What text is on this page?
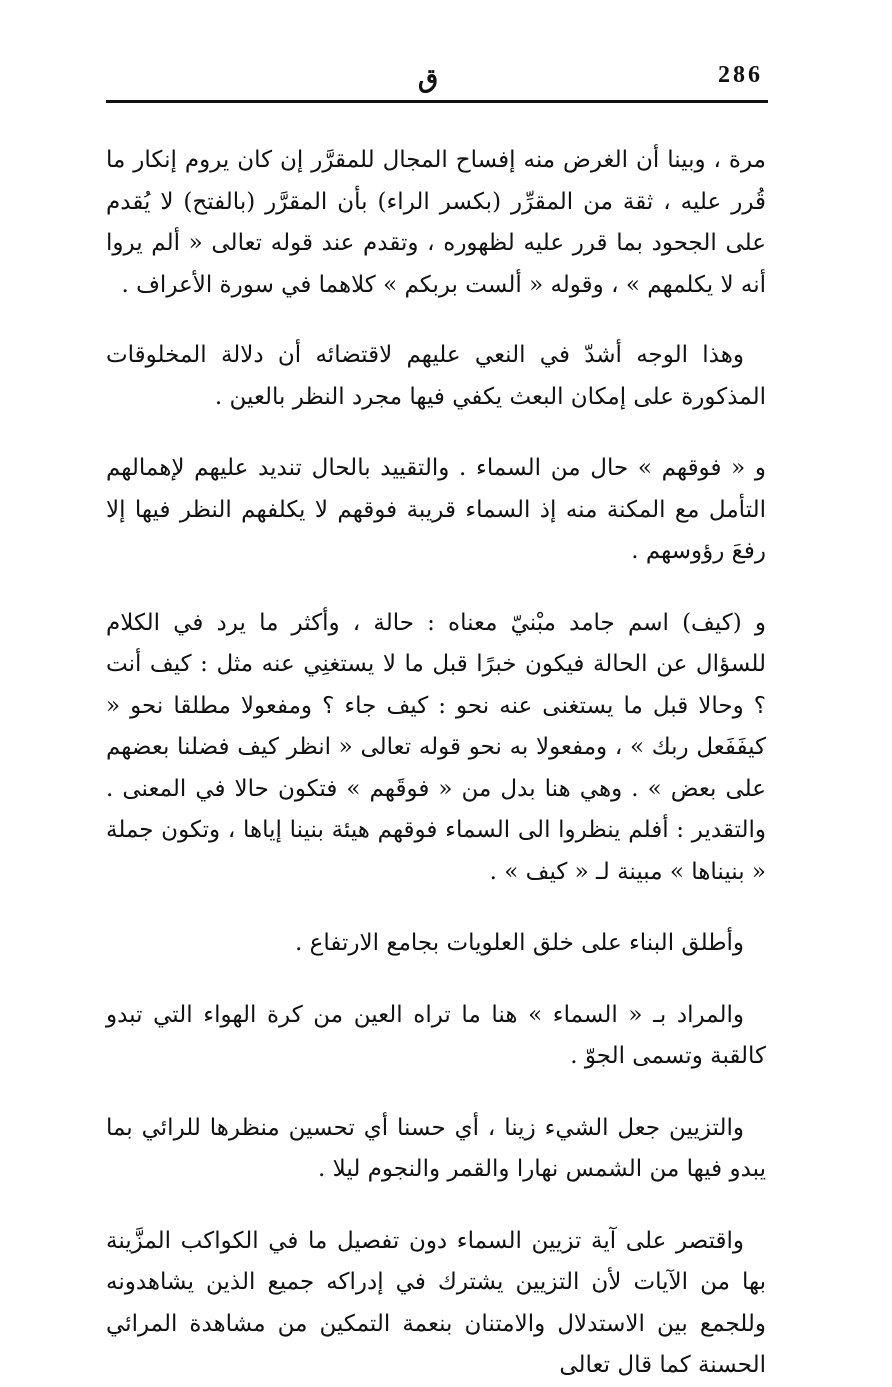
286
ق

مرة ، وبينا أن الغرض منه إفساح المجال للمقرَّر إن كان يروم إنكار ما قُرر عليه ، ثقة من المقرِّر (بكسر الراء) بأن المقرَّر (بالفتح) لا يُقدم على الجحود بما قرر عليه لظهوره ، وتقدم عند قوله تعالى « ألم يروا أنه لا يكلمهم » ، وقوله « ألست بربكم » كلاهما في سورة الأعراف .

وهذا الوجه أشدّ في النعي عليهم لاقتضائه أن دلالة المخلوقات المذكورة على إمكان البعث يكفي فيها مجرد النظر بالعين .

و « فوقهم » حال من السماء . والتقييد بالحال تنديد عليهم لإهمالهم التأمل مع المكنة منه إذ السماء قريبة فوقهم لا يكلفهم النظر فيها إلا رفعَ رؤوسهم .

و (كيف) اسم جامد مبْنيّ معناه : حالة ، وأكثر ما يرد في الكلام للسؤال عن الحالة فيكون خبرًا قبل ما لا يستغنِي عنه مثل : كيف أنت ؟ وحالا قبل ما يستغنى عنه نحو : كيف جاء ؟ ومفعولا مطلقا نحو « كيفَفَعل ربك » ، ومفعولا به نحو قوله تعالى « انظر كيف فضلنا بعضهم على بعض » . وهي هنا بدل من « فوقَهم » فتكون حالا في المعنى . والتقدير : أفلم ينظروا الى السماء فوقهم هيئة بنينا إياها ، وتكون جملة « بنيناها » مبينة لـ « كيف » .

وأطلق البناء على خلق العلويات بجامع الارتفاع .

والمراد بـ « السماء » هنا ما تراه العين من كرة الهواء التي تبدو كالقبة وتسمى الجوّ .

والتزيين جعل الشيء زينا ، أي حسنا أي تحسين منظرها للرائي بما يبدو فيها من الشمس نهارا والقمر والنجوم ليلا .

واقتصر على آية تزيين السماء دون تفصيل ما في الكواكب المزَّينة بها من الآيات لأن التزيين يشترك في إدراكه جميع الذين يشاهدونه وللجمع بين الاستدلال والامتنان بنعمة التمكين من مشاهدة المرائي الحسنة كما قال تعالى
